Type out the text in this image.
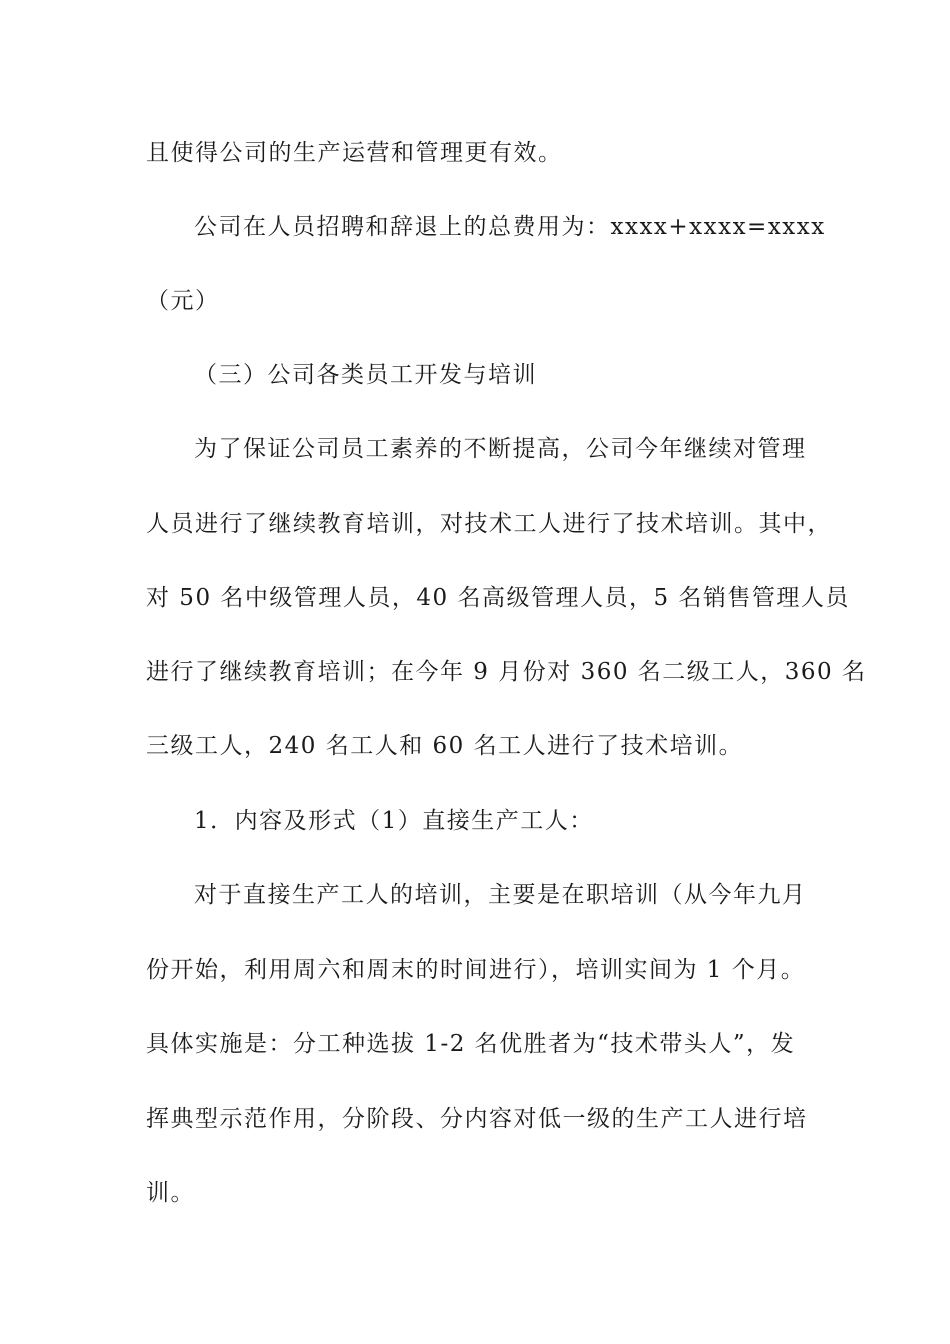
且使得公司的生产运营和管理更有效。
公司在人员招聘和辞退上的总费用为：xxxx+xxxx=xxxx
（元）
（三）公司各类员工开发与培训
为了保证公司员工素养的不断提高，公司今年继续对管理
人员进行了继续教育培训，对技术工人进行了技术培训。其中，
对 50 名中级管理人员，40 名高级管理人员，5 名销售管理人员
进行了继续教育培训；在今年 9 月份对 360 名二级工人，360 名
三级工人，240 名工人和 60 名工人进行了技术培训。
1．内容及形式（1）直接生产工人：
对于直接生产工人的培训，主要是在职培训（从今年九月
份开始，利用周六和周末的时间进行），培训实间为 1 个月。
具体实施是：分工种选拔 1-2 名优胜者为“技术带头人”，发
挥典型示范作用，分阶段、分内容对低一级的生产工人进行培
训。
